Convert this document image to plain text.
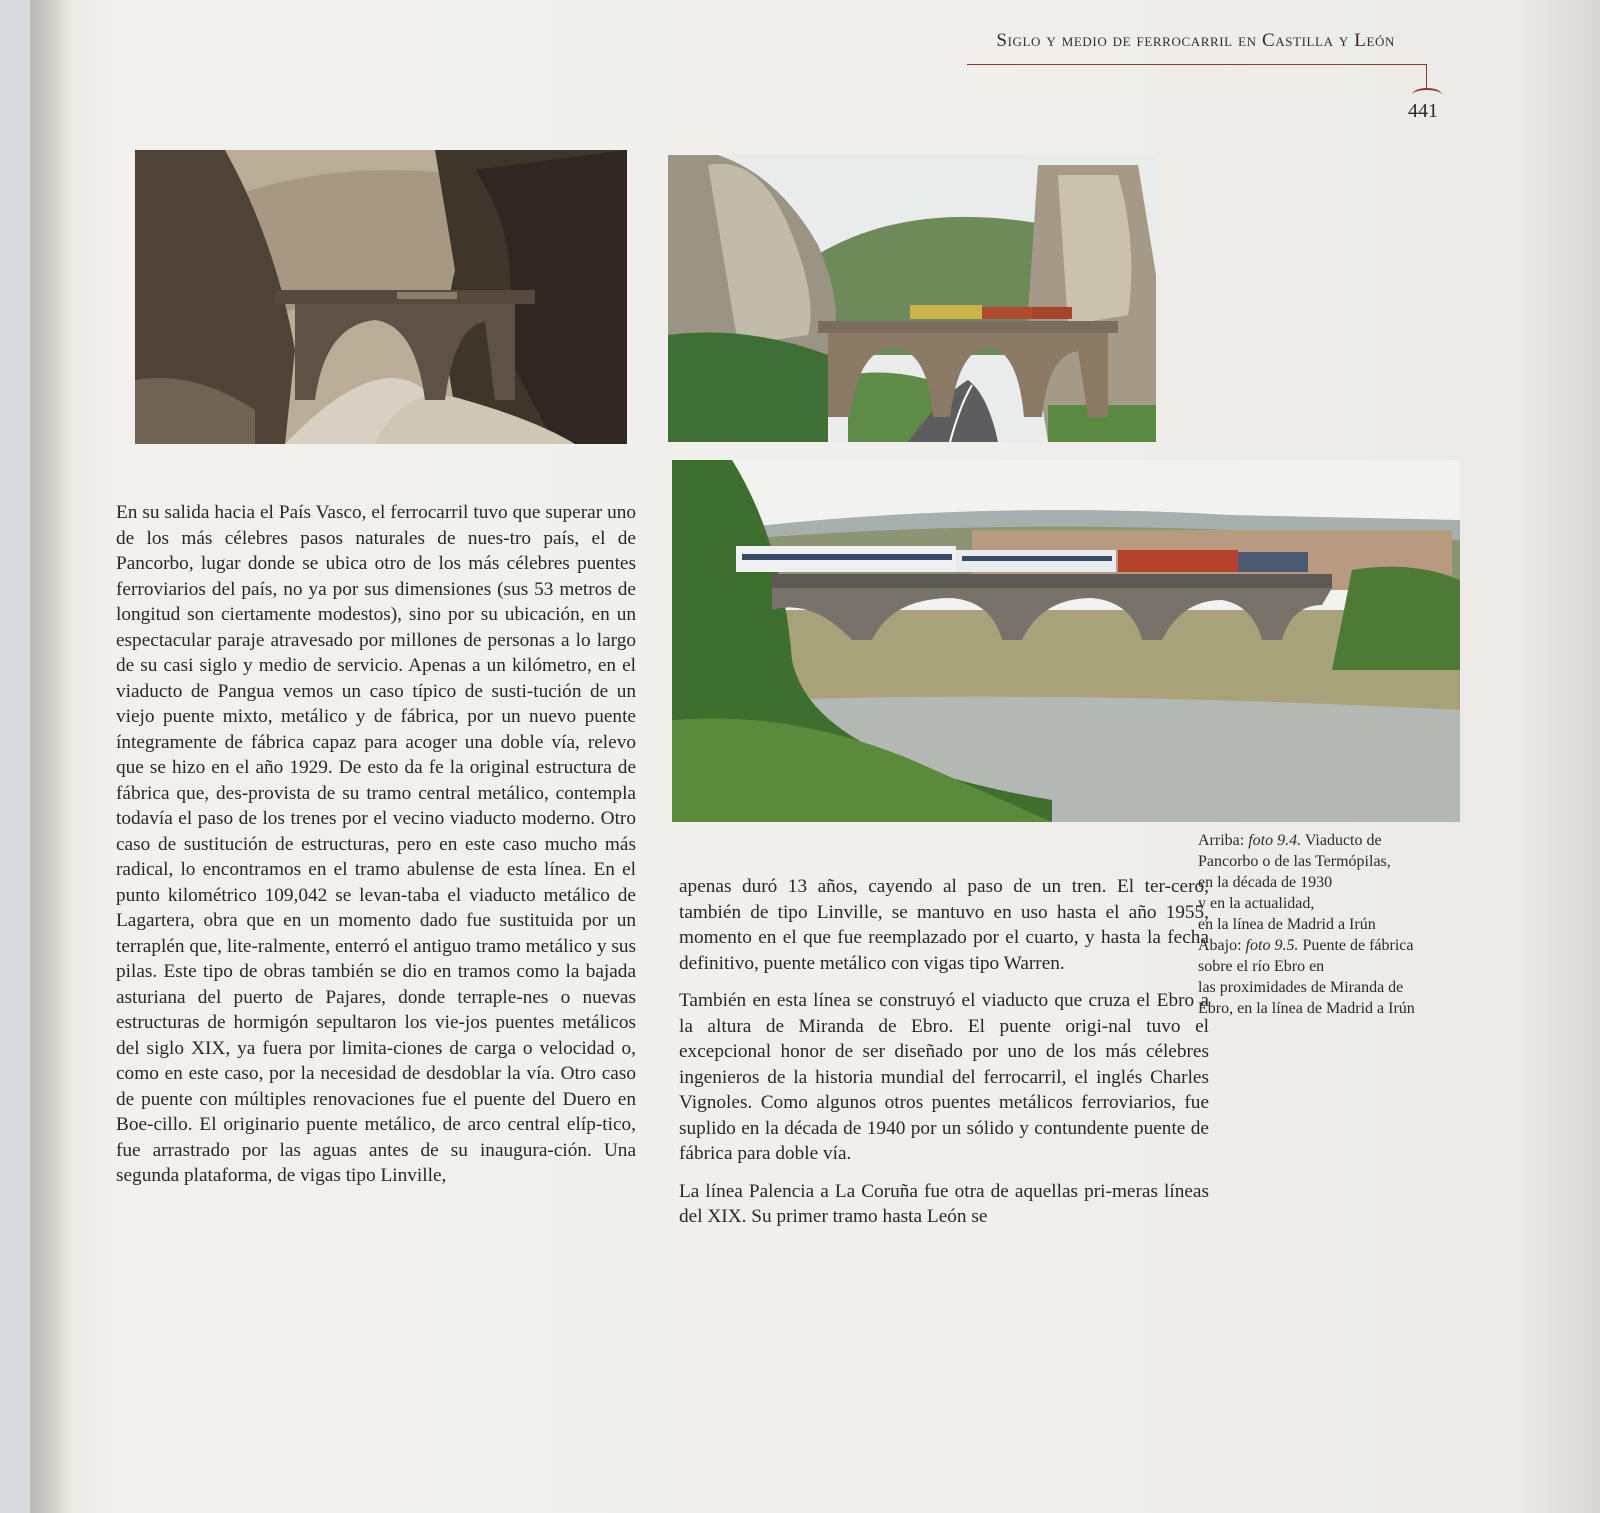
Siglo y medio de ferrocarril en Castilla y León
441

En su salida hacia el País Vasco, el ferrocarril tuvo que superar uno de los más célebres pasos naturales de nues-tro país, el de Pancorbo, lugar donde se ubica otro de los más célebres puentes ferroviarios del país, no ya por sus dimensiones (sus 53 metros de longitud son ciertamente modestos), sino por su ubicación, en un espectacular paraje atravesado por millones de personas a lo largo de su casi siglo y medio de servicio. Apenas a un kilómetro, en el viaducto de Pangua vemos un caso típico de susti-tución de un viejo puente mixto, metálico y de fábrica, por un nuevo puente íntegramente de fábrica capaz para acoger una doble vía, relevo que se hizo en el año 1929. De esto da fe la original estructura de fábrica que, des-provista de su tramo central metálico, contempla todavía el paso de los trenes por el vecino viaducto moderno. Otro caso de sustitución de estructuras, pero en este caso mucho más radical, lo encontramos en el tramo abulense de esta línea. En el punto kilométrico 109,042 se levan-taba el viaducto metálico de Lagartera, obra que en un momento dado fue sustituida por un terraplén que, lite-ralmente, enterró el antiguo tramo metálico y sus pilas. Este tipo de obras también se dio en tramos como la bajada asturiana del puerto de Pajares, donde terraple-nes o nuevas estructuras de hormigón sepultaron los vie-jos puentes metálicos del siglo XIX, ya fuera por limita-ciones de carga o velocidad o, como en este caso, por la necesidad de desdoblar la vía. Otro caso de puente con múltiples renovaciones fue el puente del Duero en Boe-cillo. El originario puente metálico, de arco central elíp-tico, fue arrastrado por las aguas antes de su inaugura-ción. Una segunda plataforma, de vigas tipo Linville,

apenas duró 13 años, cayendo al paso de un tren. El ter-cero, también de tipo Linville, se mantuvo en uso hasta el año 1955, momento en el que fue reemplazado por el cuarto, y hasta la fecha definitivo, puente metálico con vigas tipo Warren.

También en esta línea se construyó el viaducto que cruza el Ebro a la altura de Miranda de Ebro. El puente origi-nal tuvo el excepcional honor de ser diseñado por uno de los más célebres ingenieros de la historia mundial del ferrocarril, el inglés Charles Vignoles. Como algunos otros puentes metálicos ferroviarios, fue suplido en la década de 1940 por un sólido y contundente puente de fábrica para doble vía.

La línea Palencia a La Coruña fue otra de aquellas pri-meras líneas del XIX. Su primer tramo hasta León se

Arriba: foto 9.4. Viaducto de
Pancorbo o de las Termópilas,
en la década de 1930
y en la actualidad,
en la línea de Madrid a Irún
Abajo: foto 9.5. Puente de fábrica
sobre el río Ebro en
las proximidades de Miranda de
Ebro, en la línea de Madrid a Irún
